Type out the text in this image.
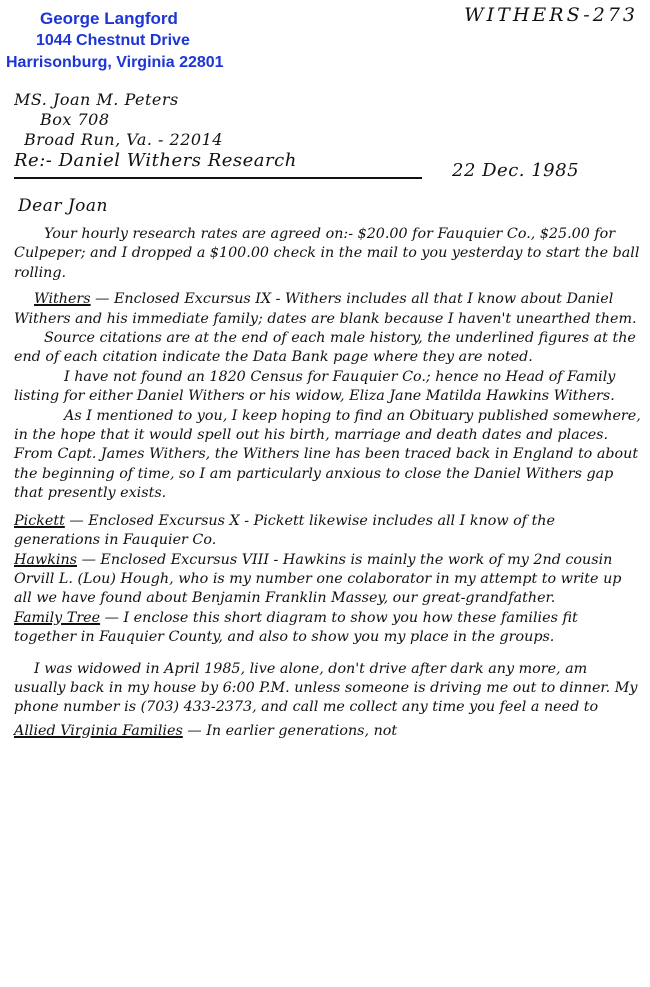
George Langford
1044 Chestnut Drive
Harrisonburg, Virginia 22801
WITHERS-273
MS. Joan M. Peters
Box 708
Broad Run, Va. - 22014
Re:- Daniel Withers Research	22 Dec. 1985
Dear Joan

Your hourly research rates are agreed on:- $20.00 for Fauquier Co., $25.00 for Culpeper; and I dropped a $100.00 check in the mail to you yesterday to start the ball rolling.

Withers — Enclosed Excursus IX - Withers includes all that I know about Daniel Withers and his immediate family; dates are blank because I haven't unearthed them.

Source citations are at the end of each male history, the underlined figures at the end of each citation indicate the Data Bank page where they are noted.

I have not found an 1820 Census for Fauquier Co.; hence no Head of Family listing for either Daniel Withers or his widow, Eliza Jane Matilda Hawkins Withers.

As I mentioned to you, I keep hoping to find an Obituary published somewhere, in the hope that it would spell out his birth, marriage and death dates and places.

From Capt. James Withers, the Withers line has been traced back in England to about the beginning of time, so I am particularly anxious to close the Daniel Withers gap that presently exists.

Pickett — Enclosed Excursus X - Pickett likewise includes all I know of the generations in Fauquier Co.

Hawkins — Enclosed Excursus VIII - Hawkins is mainly the work of my 2nd cousin Orvill L. (Lou) Hough, who is my number one colaborator in my attempt to write up all we have found about Benjamin Franklin Massey, our great-grandfather.

Family Tree — I enclose this short diagram to show you how these families fit together in Fauquier County, and also to show you my place in the groups.

I was widowed in April 1985, live alone, don't drive after dark any more, am usually back in my house by 6:00 P.M. unless someone is driving me out to dinner. My phone number is (703) 433-2373, and call me collect any time you feel a need to

Allied Virginia Families — In earlier generations, not
